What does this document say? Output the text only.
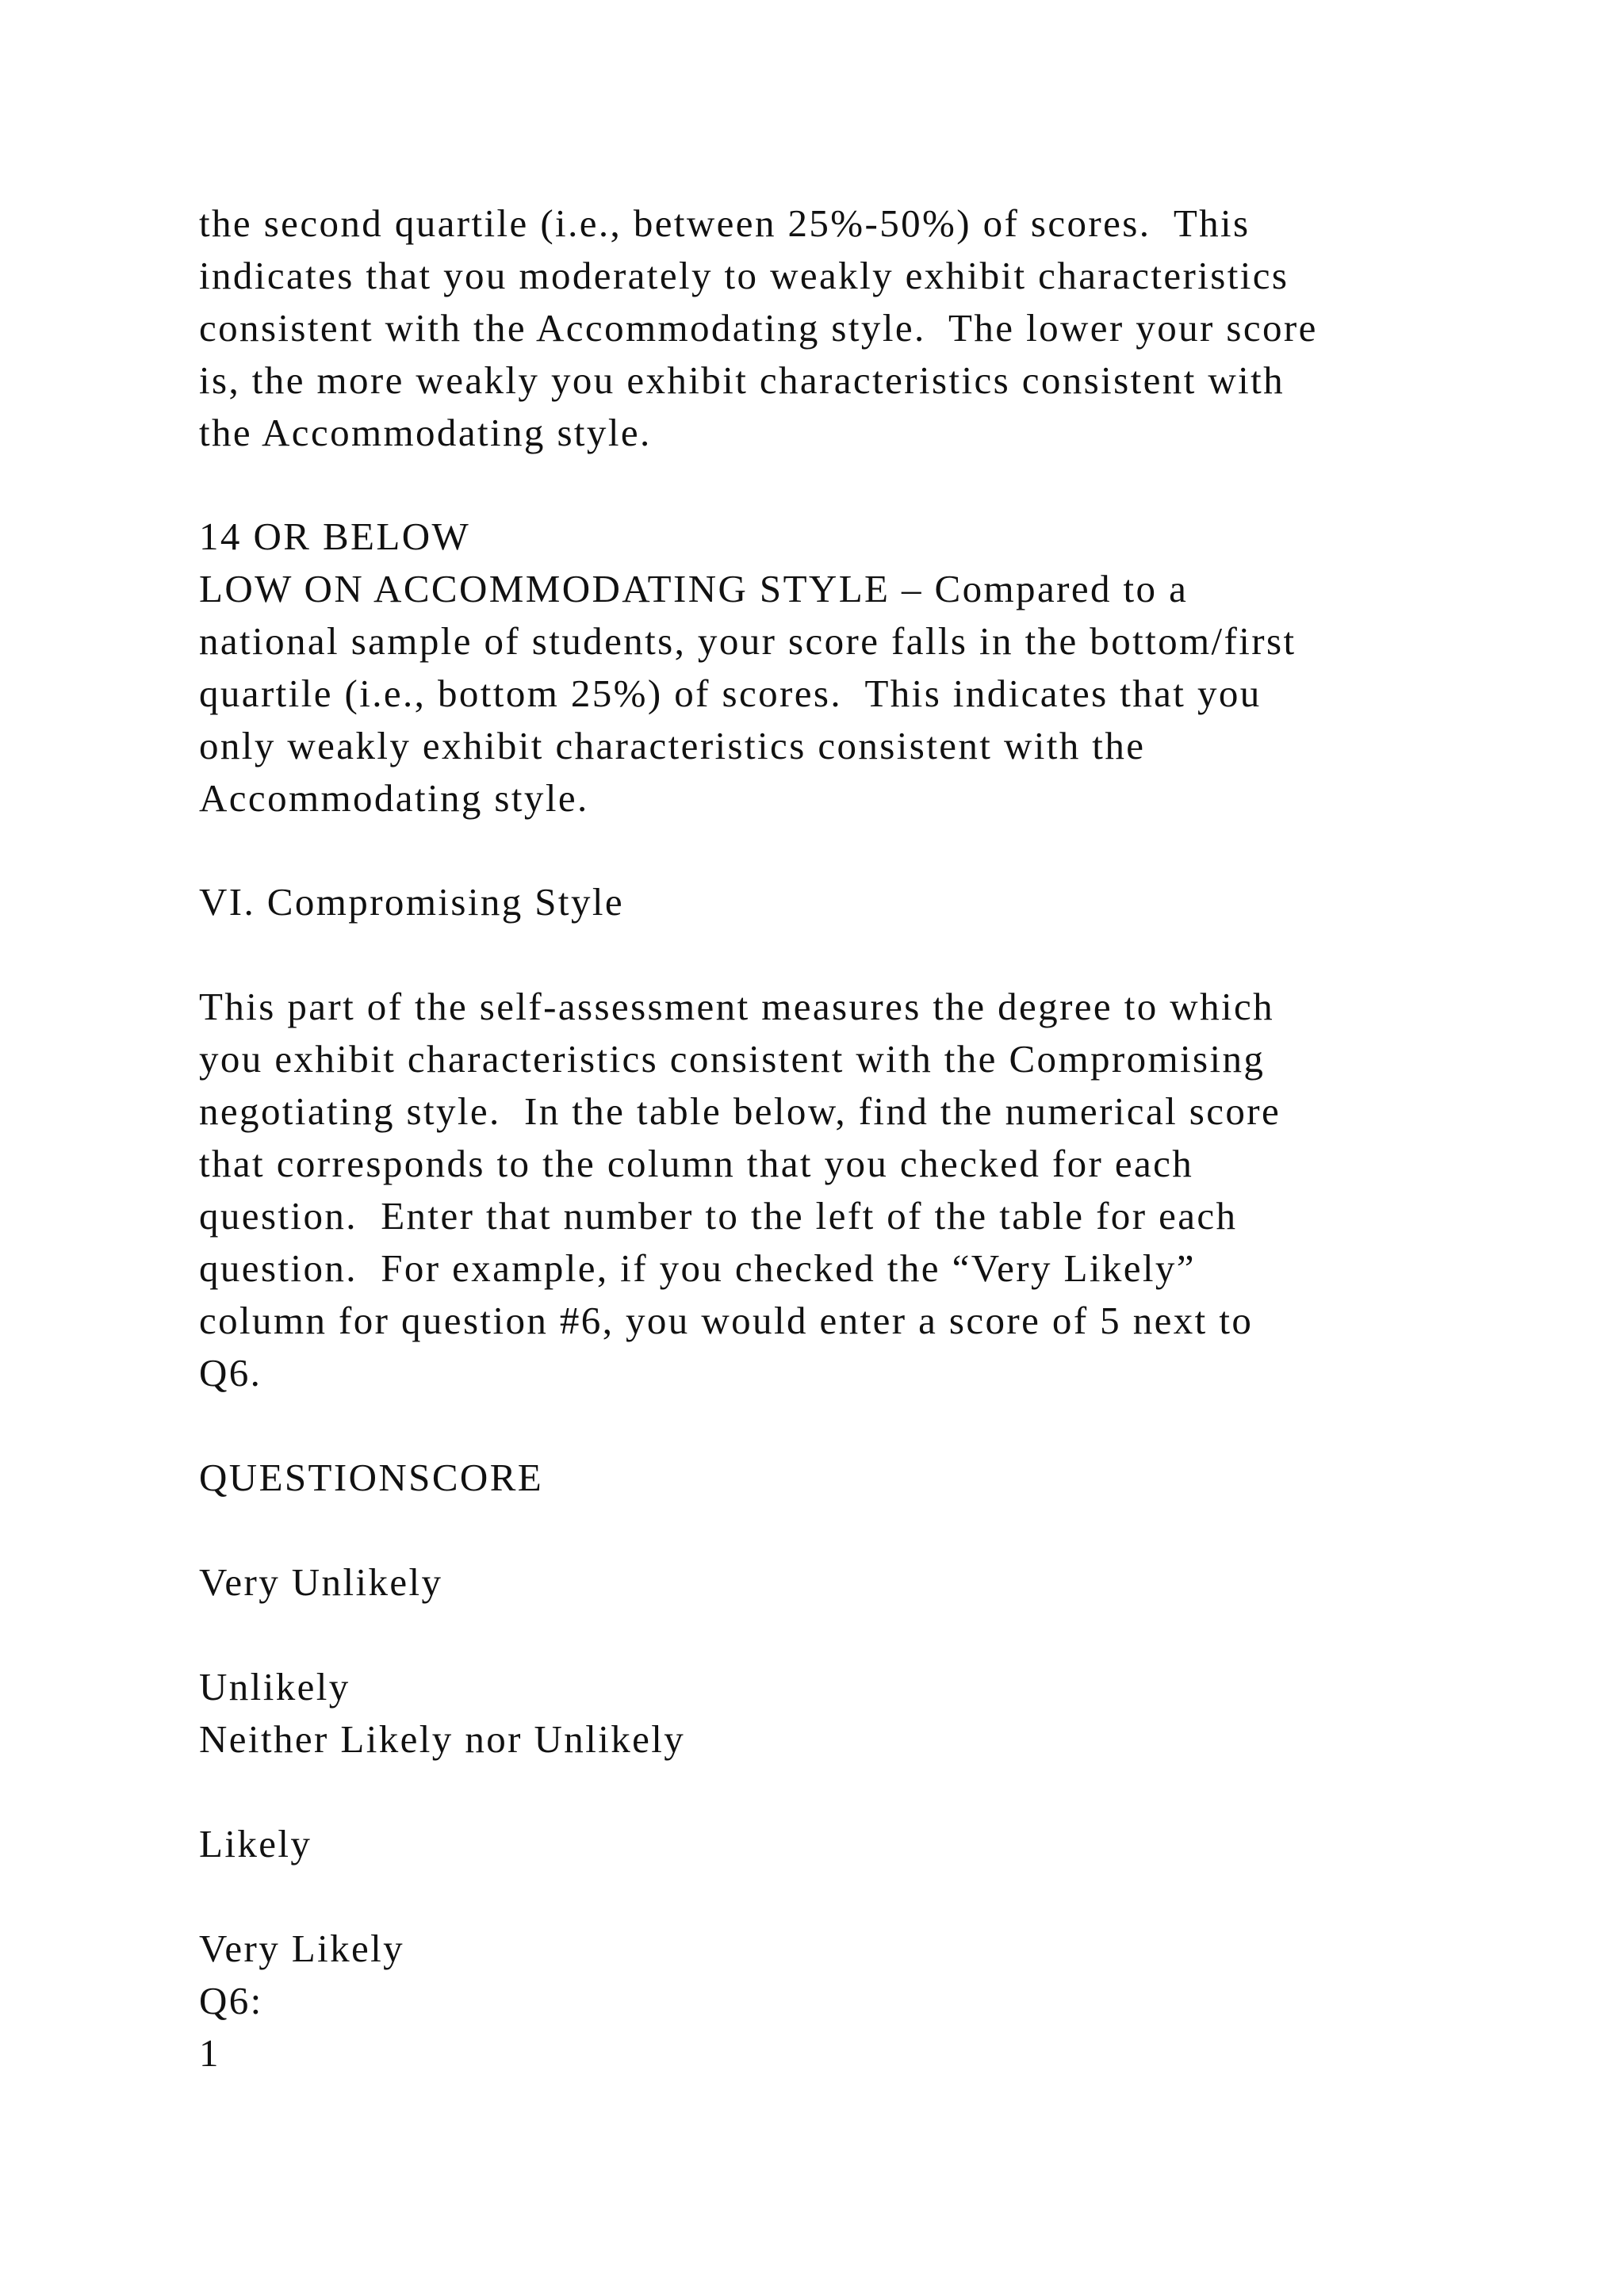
the second quartile (i.e., between 25%-50%) of scores.  This

indicates that you moderately to weakly exhibit characteristics

consistent with the Accommodating style.  The lower your score

is, the more weakly you exhibit characteristics consistent with

the Accommodating style.

14 OR BELOW

LOW ON ACCOMMODATING STYLE – Compared to a

national sample of students, your score falls in the bottom/first

quartile (i.e., bottom 25%) of scores.  This indicates that you

only weakly exhibit characteristics consistent with the

Accommodating style.

VI. Compromising Style

This part of the self-assessment measures the degree to which

you exhibit characteristics consistent with the Compromising

negotiating style.  In the table below, find the numerical score

that corresponds to the column that you checked for each

question.  Enter that number to the left of the table for each

question.  For example, if you checked the “Very Likely”

column for question #6, you would enter a score of 5 next to

Q6.

QUESTIONSCORE

Very Unlikely

Unlikely

Neither Likely nor Unlikely

Likely

Very Likely

Q6:

1
